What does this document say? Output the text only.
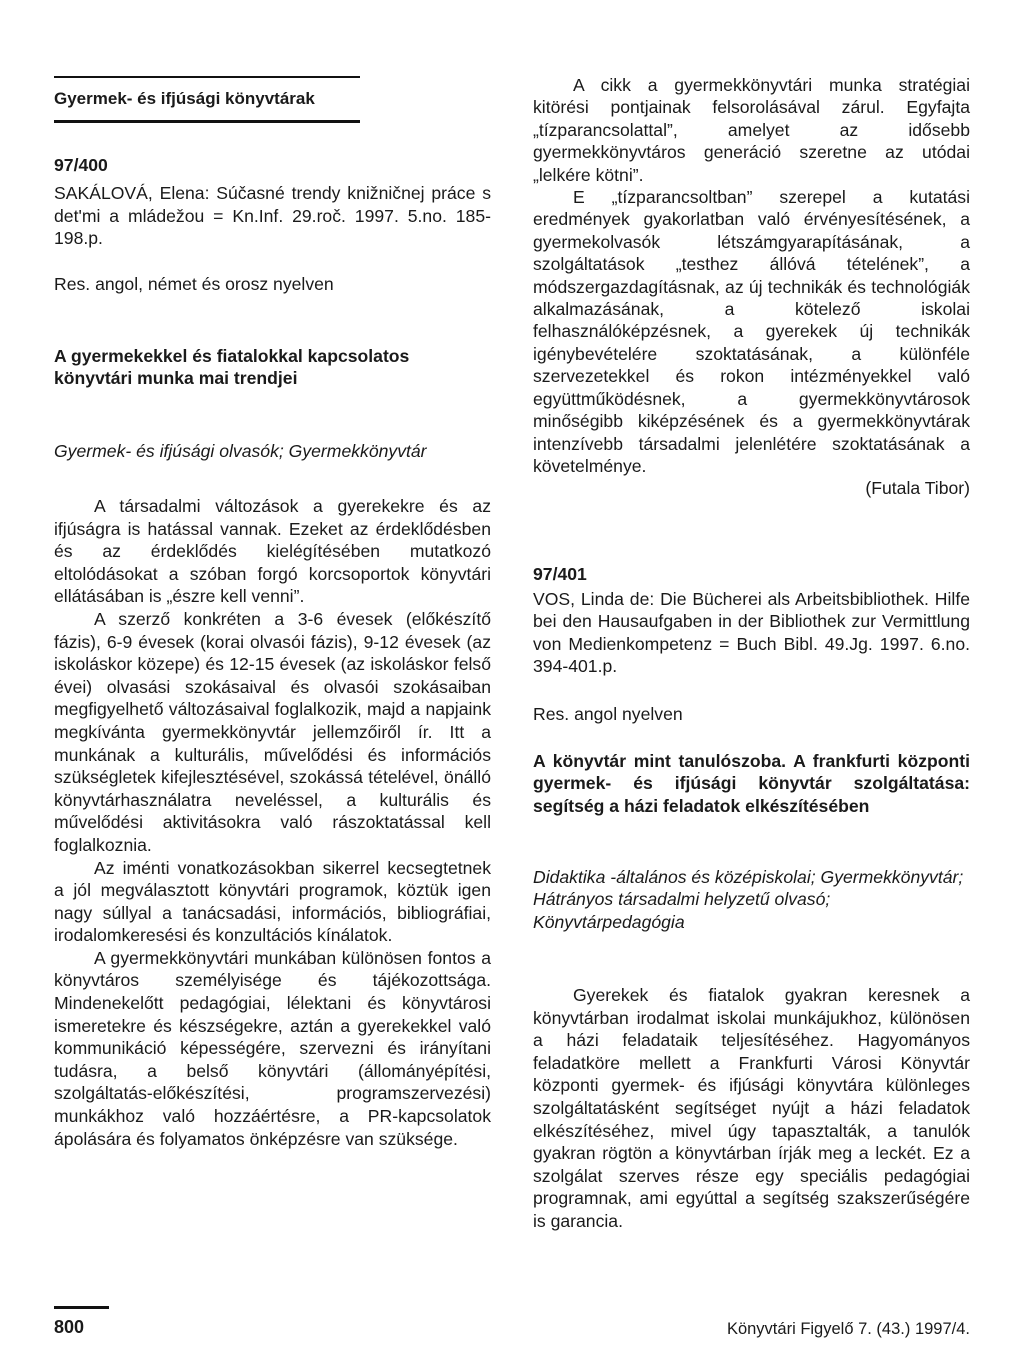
Gyermek- és ifjúsági könyvtárak

97/400

SAKÁLOVÁ, Elena: Súčasné trendy knižničnej práce s det'mi a mládežou = Kn.Inf. 29.roč. 1997. 5.no. 185-198.p.

Res. angol, német és orosz nyelven

A gyermekekkel és fiatalokkal kapcsolatos könyvtári munka mai trendjei

Gyermek- és ifjúsági olvasók; Gyermekkönyvtár

A társadalmi változások a gyerekekre és az ifjúságra is hatással vannak. Ezeket az érdeklődésben és az érdeklődés kielégítésében mutatkozó eltolódásokat a szóban forgó korcsoportok könyvtári ellátásában is „észre kell venni”.

A szerző konkréten a 3-6 évesek (előkészítő fázis), 6-9 évesek (korai olvasói fázis), 9-12 évesek (az iskoláskor közepe) és 12-15 évesek (az iskoláskor felső évei) olvasási szokásaival és olvasói szokásaiban megfigyelhető változásaival foglalkozik, majd a napjaink megkívánta gyermekkönyvtár jellemzőiről ír. Itt a munkának a kulturális, művelődési és információs szükségletek kifejlesztésével, szokássá tételével, önálló könyvtárhasználatra neveléssel, a kulturális és művelődési aktivitásokra való rászoktatással kell foglalkoznia.

Az iménti vonatkozásokban sikerrel kecsegtetnek a jól megválasztott könyvtári programok, köztük igen nagy súllyal a tanácsadási, információs, bibliográfiai, irodalomkeresési és konzultációs kínálatok.

A gyermekkönyvtári munkában különösen fontos a könyvtáros személyisége és tájékozottsága. Mindenekelőtt pedagógiai, lélektani és könyvtárosi ismeretekre és készségekre, aztán a gyerekekkel való kommunikáció képességére, szervezni és irányítani tudásra, a belső könyvtári (állományépítési, szolgáltatás-előkészítési, programszervezési) munkákhoz való hozzáértésre, a PR-kapcsolatok ápolására és folyamatos önképzésre van szüksége.

A cikk a gyermekkönyvtári munka stratégiai kitörési pontjainak felsorolásával zárul. Egyfajta „tízparancsolattal”, amelyet az idősebb gyermekkönyvtáros generáció szeretne az utódai „lelkére kötni”.

E „tízparancsoltban” szerepel a kutatási eredmények gyakorlatban való érvényesítésének, a gyermekolvasók létszámgyarapításának, a szolgáltatások „testhez állóvá tételének”, a módszergazdagításnak, az új technikák és technológiák alkalmazásának, a kötelező iskolai felhasználóképzésnek, a gyerekek új technikák igénybevételére szoktatásának, a különféle szervezetekkel és rokon intézményekkel való együttműködésnek, a gyermekkönyvtárosok minőségibb kiképzésének és a gyermekkönyvtárak intenzívebb társadalmi jelenlétére szoktatásának a követelménye.

(Futala Tibor)

97/401

VOS, Linda de: Die Bücherei als Arbeitsbibliothek. Hilfe bei den Hausaufgaben in der Bibliothek zur Vermittlung von Medienkompetenz = Buch Bibl. 49.Jg. 1997. 6.no. 394-401.p.

Res. angol nyelven

A könyvtár mint tanulószoba. A frankfurti központi gyermek- és ifjúsági könyvtár szolgáltatása: segítség a házi feladatok elkészítésében

Didaktika -általános és középiskolai; Gyermekkönyvtár; Hátrányos társadalmi helyzetű olvasó; Könyvtárpedagógia

Gyerekek és fiatalok gyakran keresnek a könyvtárban irodalmat iskolai munkájukhoz, különösen a házi feladataik teljesítéséhez. Hagyományos feladatköre mellett a Frankfurti Városi Könyvtár központi gyermek- és ifjúsági könyvtára különleges szolgáltatásként segítséget nyújt a házi feladatok elkészítéséhez, mivel úgy tapasztalták, a tanulók gyakran rögtön a könyvtárban írják meg a leckét. Ez a szolgálat szerves része egy speciális pedagógiai programnak, ami egyúttal a segítség szakszerűségére is garancia.

800	Könyvtári Figyelő 7. (43.) 1997/4.
